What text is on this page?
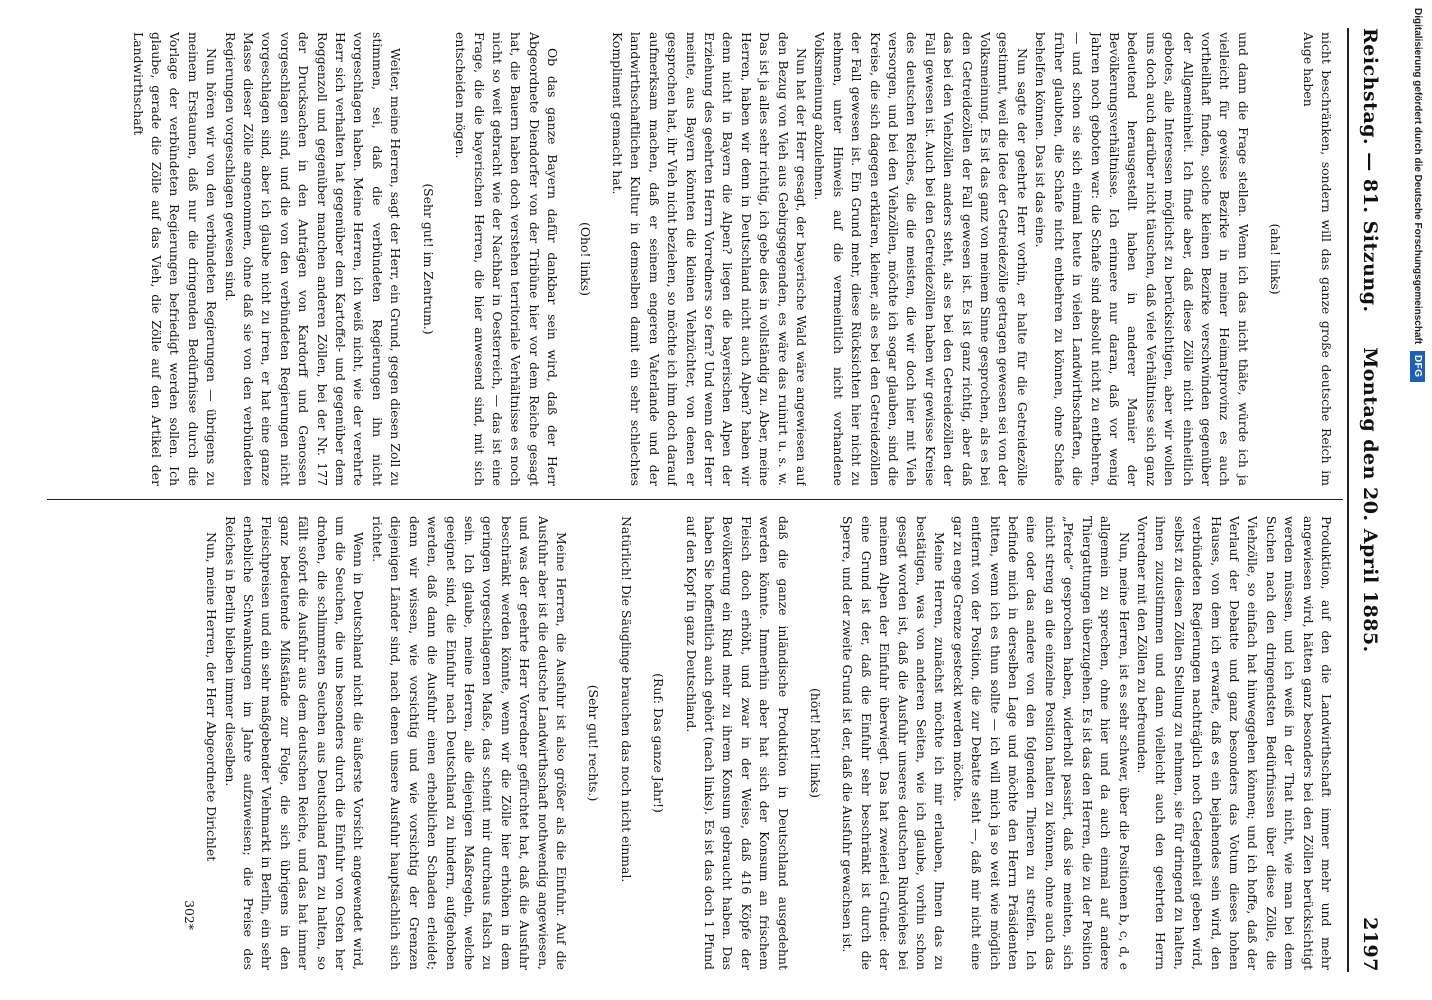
Reichstag. — 81. Sitzung.
Montag den 20. April 1885.
2197

nicht beschränken, sondern will das ganze große deutsche Reich im Auge haben

(aha! links)

und dann die Frage stellen. Wenn ich das nicht thäte, würde ich ja vielleicht für gewisse Bezirke in meiner Heimatprovinz es auch vortheilhaft finden, solche kleinen Bezirke verschwinden gegenüber der Allgemeinheit. Ich finde aber, daß diese Zölle nicht einheitlich gebotes, alle Interessen möglichst zu berücksichtigen, aber wir wollen uns doch auch darüber nicht täuschen, daß viele Verhältnisse sich ganz bedeutend herausgestellt haben in anderer Manier der Bevölkerungsverhältnisse. Ich erinnere nur daran, daß vor wenig Jahren noch geboten war: die Schafe sind absolut nicht zu entbehren, — und schon sie sich einmal heute in vielen Landwirthschaften, die früher glaubten, die Schafe nicht entbehren zu können, ohne Schafe behelfen können. Das ist das eine.

Nun sagte der geehrte Herr vorhin, er halte für die Getreidezölle gestimmt, weil die Idee der Getreidezölle getragen gewesen sei von der Volksmeinung. Es ist das ganz von meinem Sinne gesprochen, als es bei den Getreidezöllen der Fall gewesen ist. Es ist ganz richtig, aber daß das bei den Viehzöllen anders steht, als es bei den Getreidezöllen der Fall gewesen ist. Auch bei den Getreidezöllen haben wir gewisse Kreise des deutschen Reiches, die die meisten, die wir doch hier mit Vieh versorgen, und bei den Viehzöllen, möchte ich sogar glauben, sind die Kreise, die sich dagegen erklären, kleiner, als es bei den Getreidezöllen der Fall gewesen ist. Ein Grund mehr, diese Rücksichten hier nicht zu nehmen, unter Hinweis auf die vermeintlich nicht vorhandene Volksmeinung abzulehnen.

Nun hat der Herr gesagt, der bayerische Wald wäre angewiesen auf den Bezug von Vieh aus Gebirgsgegenden, es wäre das ruinirt u. s. w. Das ist ja alles sehr richtig, ich gebe dies in vollständig zu. Aber, meine Herren, haben wir denn in Deutschland nicht auch Alpen? haben wir denn nicht in Bayern die Alpen? liegen die bayerischen Alpen der Erziehung des geehrten Herrn Vorredners so fern? Und wenn der Herr meinte, aus Bayern könnten die kleinen Viehzüchter, von denen er gesprochen hat, ihr Vieh nicht beziehen, so möchte ich ihm doch darauf aufmerksam machen, daß er seinem engeren Vaterlande und der landwirthschaftlichen Kultur in demselben damit ein sehr schlechtes Kompliment gemacht hat.

(Oho! links)

Ob das ganze Bayern dafür dankbar sein wird, daß der Herr Abgeordnete Diendorfer von der Tribüne hier vor dem Reiche gesagt hat, die Bauern haben doch verstehen territoriale Verhältnisse es noch nicht so weit gebracht wie der Nachbar in Oesterreich, — das ist eine Frage, die die bayerischen Herren, die hier anwesend sind, mit sich entscheiden mögen.

(Sehr gut! im Zentrum.)

Weiter, meine Herren, sagt der Herr, ein Grund, gegen diesen Zoll zu stimmen, sei, daß die verbündeten Regierungen ihn nicht vorgeschlagen haben. Meine Herren, ich weiß nicht, wie der verehrte Herr sich verhalten hat gegenüber dem Kartoffel- und gegenüber dem Roggenzoll und gegenüber manchen anderen Zöllen, bei der Nr. 177 der Drucksachen in den Anträgen von Kardorff und Genossen vorgeschlagen sind, und die von den verbündeten Regierungen nicht vorgeschlagen sind, aber ich glaube nicht zu irren, er hat eine ganze Masse dieser Zölle angenommen, ohne daß sie von den verbündeten Regierungen vorgeschlagen gewesen sind.

Nun hören wir von den verbündeten Regierungen — übrigens zu meinem Erstaunen, daß nur die dringenden Bedürfnisse durch die Vorlage der verbündeten Regierungen befriedigt werden sollen. Ich glaube, gerade die Zölle auf das Vieh, die Zölle auf den Artikel der Landwirthschaft

Produktion, auf den die Landwirthschaft immer mehr und mehr angewiesen wird, hätten ganz besonders bei den Zöllen berücksichtigt werden müssen, und ich weiß in der That nicht, wie man bei dem Suchen nach den dringendsten Bedürfnissen über diese Zölle, die Viehzölle, so einfach hat hinweggehen können; und ich hoffe, daß der Verlauf der Debatte und ganz besonders das Votum dieses hohen Hauses, von dem ich erwarte, daß es ein bejahendes sein wird, den verbündeten Regierungen nachträglich noch Gelegenheit geben wird, selbst zu diesen Zöllen Stellung zu nehmen, sie für dringend zu halten, ihnen zuzustimmen und dann vielleicht auch den geehrten Herrn Vorredner mit den Zöllen zu befreunden.

Nun, meine Herren, ist es sehr schwer, über die Positionen b, c, d, e allgemein zu sprechen, ohne hier und da auch einmal auf andere Thiergattungen überzugehen. Es ist das den Herren, die zu der Position „Pferde“ gesprochen haben, widerholt passirt, daß sie meinten, sich nicht streng an die einzelne Position halten zu können, ohne auch das eine oder das andere von den folgenden Thieren zu streifen. Ich befinde mich in derselben Lage und möchte den Herrn Präsidenten bitten, wenn ich es thun sollte — ich will mich ja so weit wie möglich entfernt von der Position, die zur Debatte steht —, daß mir nicht eine gar zu enge Grenze gesteckt werden möchte.

Meine Herren, zunächst möchte ich mir erlauben, Ihnen das zu bestätigen, was von anderen Seiten, wie ich glaube, vorhin schon gesagt worden ist, daß die Ausfuhr unseres deutschen Rindviehes bei meinem Alpen der Einfuhr überwiegt. Das hat zweierlei Gründe: der eine Grund ist der, daß die Einfuhr sehr beschränkt ist durch die Sperre, und der zweite Grund ist der, daß die Ausfuhr gewachsen ist.

(hört! hört! links)

daß die ganze inländische Produktion in Deutschland ausgedehnt werden könnte. Immerhin aber hat sich der Konsum an frischem Fleisch doch erhöht, und zwar in der Weise, daß 416 Köpfe der Bevölkerung ein Rind mehr zu ihrem Konsum gebraucht haben. Das haben Sie hoffentlich auch gehört (nach links). Es ist das doch 1 Pfund auf den Kopf in ganz Deutschland.

(Ruf: Das ganze Jahr!)

Natürlich! Die Säuglinge brauchen das noch nicht einmal.

(Sehr gut! rechts.)

Meine Herren, die Ausfuhr ist also größer als die Einfuhr. Auf die Ausfuhr aber ist die deutsche Landwirthschaft nothwendig angewiesen, und was der geehrte Herr Vorredner gefürchtet hat, daß die Ausfuhr beschränkt werden könnte, wenn wir die Zölle hier erhöhen in dem geringen vorgeschlagenen Maße, das scheint mir durchaus falsch zu sein. Ich glaube, meine Herren, alle diejenigen Maßregeln, welche geeignet sind, die Einfuhr nach Deutschland zu hindern, aufgehoben werden, daß dann die Ausfuhr einen erheblichen Schaden erleidet; denn wir wissen, wie vorsichtig und wie vorsichtig der Grenzen diejenigen Länder sind, nach denen unsere Ausfuhr hauptsächlich sich richtet.

Wenn in Deutschland nicht die äußerste Vorsicht angewendet wird, um die Seuchen, die uns besonders durch die Einfuhr von Osten her drohen, die schlimmsten Seuchen aus Deutschland fern zu halten, so fällt sofort die Ausfuhr aus dem deutschen Reiche, und das hat immer ganz bedeutende Mißstände zur Folge, die sich übrigens in den Fleischpreisen und ein sehr maßgebender Viehmarkt in Berlin, ein sehr erhebliche Schwankungen im Jahre aufzuweisen; die Preise des Reiches in Berlin bleiben immer dieselben.

Nun, meine Herren, der Herr Abgeordnete Dirichlet

302*

Digitalisierung gefördert durch die Deutsche Forschungsgemeinschaft DFG
